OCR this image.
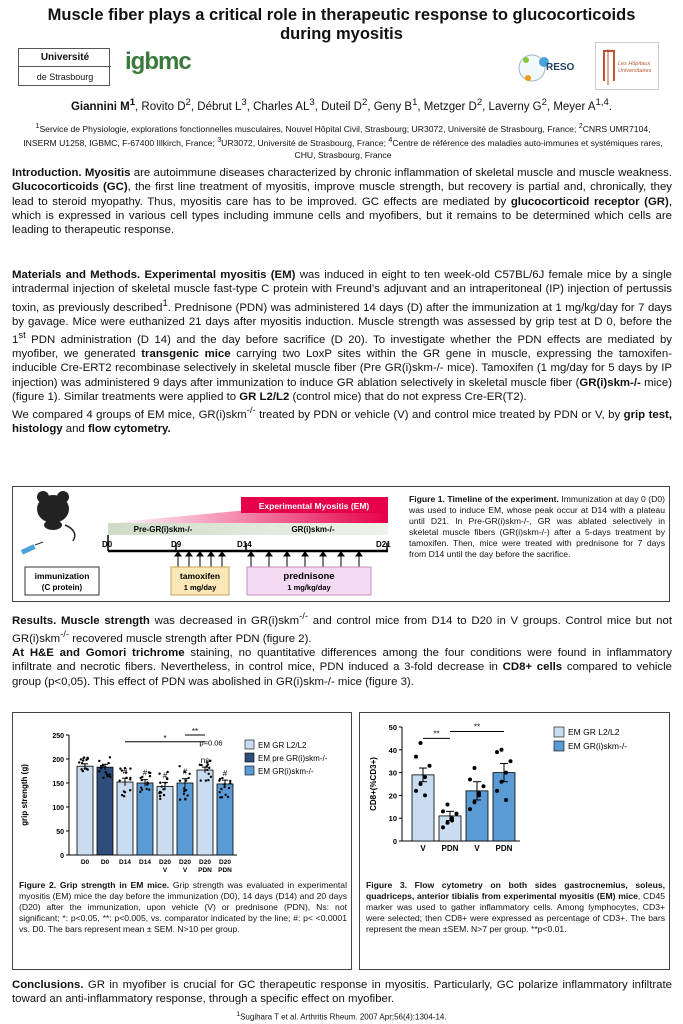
Muscle fiber plays a critical role in therapeutic response to glucocorticoids
during myositis
Université
de Strasbourg
igbmc	RESO	Les Hôpitaux
Universitaires
Giannini $M^1$, Rovito $D^2$, Débrut $L^3$, Charles $AL^3$, Duteil $D^2$, Geny $B^1$, Metzger $D^2$, Laverny $G^2$, Meyer A$^{1,4}$.
$^1$Service de Physiologie, explorations fonctionnelles musculaires, Nouvel Hôpital Civil, Strasbourg; UR3072, Université de Strasbourg, France; $^2$CNRS UMR7104, INSERM U1258, IGBMC, F-67400 Illkirch, France; $^3$UR3072, Université de Strasbourg, France; $^4$Centre de référence des maladies auto-immunes et systémiques rares, CHU, Strasbourg, France
Introduction. Myositis are autoimmune diseases characterized by chronic inflammation of skeletal muscle and muscle weakness. Glucocorticoids (GC), the first line treatment of myositis, improve muscle strength, but recovery is partial and, chronically, they lead to steroid myopathy. Thus, myositis care has to be improved. GC effects are mediated by glucocorticoid receptor (GR), which is expressed in various cell types including immune cells and myofibers, but it remains to be determined which cells are leading to therapeutic response.
Materials and Methods. Experimental myositis (EM) was induced in eight to ten week-old C57BL/6J female mice by a single intradermal injection of skeletal muscle fast-type C protein with Freund’s adjuvant and an intraperitoneal (IP) injection of pertussis toxin, as previously described$^1$. Prednisone (PDN) was administered 14 days (D) after the immunization at 1 mg/kg/day for 7 days by gavage. Mice were euthanized 21 days after myositis induction. Muscle strength was assessed by grip test at D 0, before the 1st PDN administration (D 14) and the day before sacrifice (D 20). To investigate whether the PDN effects are mediated by myofiber, we generated transgenic mice carrying two LoxP sites within the GR gene in muscle, expressing the tamoxifen-inducible Cre-ERT2 recombinase selectively in skeletal muscle fiber (Pre GR(i)skm-/- mice). Tamoxifen (1 mg/day for 5 days by IP injection) was administered 9 days after immunization to induce GR ablation selectively in skeletal muscle fiber (GR(i)skm-/- mice) (figure 1). Similar treatments were applied to GR L2/L2 (control mice) that do not express Cre-ER(T2).
We compared 4 groups of EM mice, GR(i)skm-/- treated by PDN or vehicle (V) and control mice treated by PDN or V, by grip test, histology and flow cytometry.
Experimental Myositis (EM)
Pre-GR(i)skm-/-	GR(i)skm-/-
D0	D9	D14	D21
immunization
(C protein)
tamoxifen
1 mg/day
prednisone
1 mg/kg/day
Figure 1. Timeline of the experiment. Immunization at day 0 (D0) was used to induce EM, whose peak occur at D14 with a plateau until D21. In Pre-GR(i)skm-/-, GR was ablated selectively in skeletal muscle fibers (GR(i)skm-/-) after a 5-days treatment by tamoxifen. Then, mice were treated with prednisone for 7 days from D14 until the day before the sacrifice.
Results. Muscle strength was decreased in GR(i)skm-/- and control mice from D14 to D20 in V groups. Control mice but not GR(i)skm-/- recovered muscle strength after PDN (figure 2).
At H&E and Gomori trichrome staining, no quantitative differences among the four conditions were found in inflammatory infiltrate and necrotic fibers. Nevertheless, in control mice, PDN induced a 3-fold decrease in CD8+ cells compared to vehicle group (p<0,05). This effect of PDN was abolished in GR(i)skm-/- mice (figure 3).
0
50
100
150
200
250
grip strength (g)
D0 D0
#
D14
#
D14
#
D20
V
#
D20
V
ns
D20
PDN
#
D20
PDN
p=0.06
**
*
EM GR L2/L2
EM pre GR(i)skm-/-
EM GR(i)skm-/-
Figure 2. Grip strength in EM mice. Grip strength was evaluated in experimental myositis (EM) mice the day before the immunization (D0), 14 days (D14) and 20 days (D20) after the immunization, upon vehicle (V) or prednisone (PDN), Ns: not significant; *: p<0.05, **: p<0.005, vs. comparator indicated by the line; #: p< <0.0001 vs. D0. The bars represent mean ± SEM. N>10 per group.
0
10
20
30
40
50
CD8+(%CD3+)
V PDN V PDN
**
**	EM GR L2/L2
EM GR(i)skm-/-
Figure 3. Flow cytometry on both sides gastrocnemius, soleus, quadriceps, anterior tibialis from experimental myositis (EM) mice, CD45 marker was used to gather inflammatory cells. Among lymphocytes, CD3+ were selected; then CD8+ were expressed as percentage of CD3+. The bars represent the mean ±SEM. N>7 per group. **p<0.01.
Conclusions. GR in myofiber is crucial for GC therapeutic response in myositis. Particularly, GC polarize inflammatory infiltrate toward an anti-inflammatory response, through a specific effect on myofiber.
$^1$Sugihara T et al. Arthritis Rheum. 2007 Apr;56(4):1304-14.
